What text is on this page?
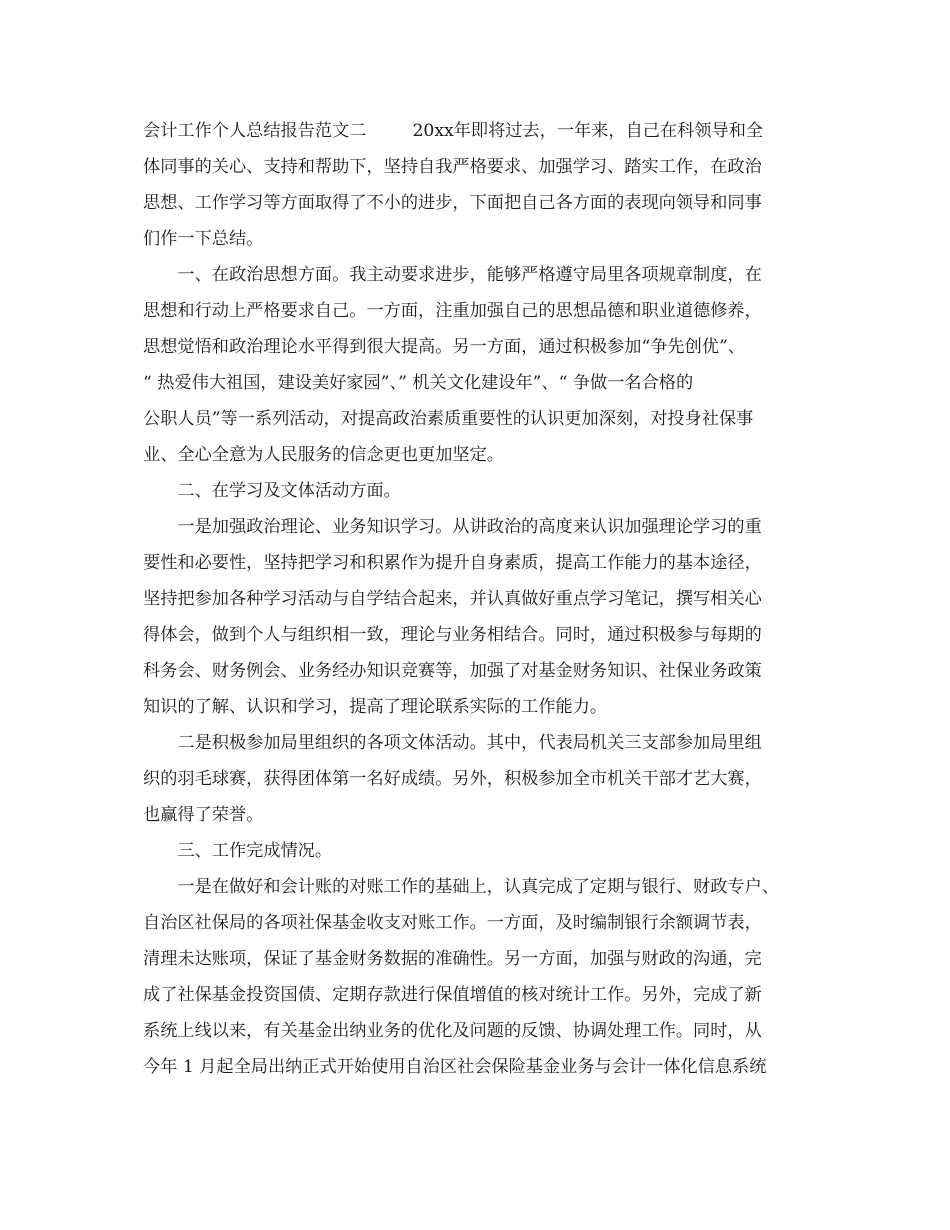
会计工作个人总结报告范文二	20xx年即将过去，一年来，自己在科领导和全
体同事的关心、支持和帮助下，坚持自我严格要求、加强学习、踏实工作，在政治
思想、工作学习等方面取得了不小的进步，下面把自己各方面的表现向领导和同事
们作一下总结。
　　一、在政治思想方面。我主动要求进步，能够严格遵守局里各项规章制度，在
思想和行动上严格要求自己。一方面，注重加强自己的思想品德和职业道德修养，
思想觉悟和政治理论水平得到很大提高。另一方面，通过积极参加“争先创优”、
“ 热爱伟大祖国，建设美好家园”、” 机关文化建设年”、“ 争做一名合格的
公职人员”等一系列活动，对提高政治素质重要性的认识更加深刻，对投身社保事
业、全心全意为人民服务的信念更也更加坚定。
　　二、在学习及文体活动方面。
　　一是加强政治理论、业务知识学习。从讲政治的高度来认识加强理论学习的重
要性和必要性，坚持把学习和积累作为提升自身素质，提高工作能力的基本途径，
坚持把参加各种学习活动与自学结合起来，并认真做好重点学习笔记，撰写相关心
得体会，做到个人与组织相一致，理论与业务相结合。同时，通过积极参与每期的
科务会、财务例会、业务经办知识竞赛等，加强了对基金财务知识、社保业务政策
知识的了解、认识和学习，提高了理论联系实际的工作能力。
　　二是积极参加局里组织的各项文体活动。其中，代表局机关三支部参加局里组
织的羽毛球赛，获得团体第一名好成绩。另外，积极参加全市机关干部才艺大赛，
也赢得了荣誉。
　　三、工作完成情况。
　　一是在做好和会计账的对账工作的基础上，认真完成了定期与银行、财政专户、
自治区社保局的各项社保基金收支对账工作。一方面，及时编制银行余额调节表，
清理未达账项，保证了基金财务数据的准确性。另一方面，加强与财政的沟通，完
成了社保基金投资国债、定期存款进行保值增值的核对统计工作。另外，完成了新
系统上线以来，有关基金出纳业务的优化及问题的反馈、协调处理工作。同时，从
今年 1 月起全局出纳正式开始使用自治区社会保险基金业务与会计一体化信息系统
